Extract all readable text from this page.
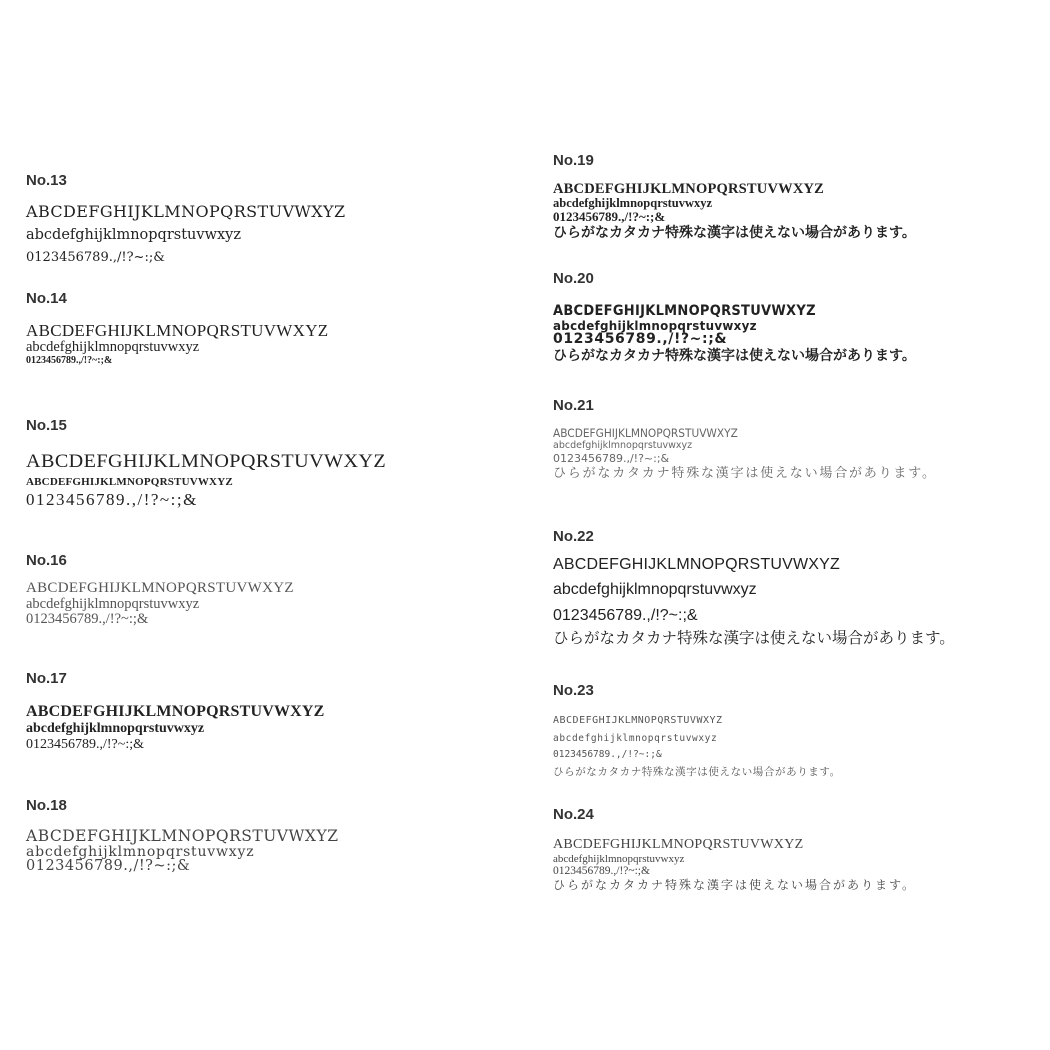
No.13
ABCDEFGHIJKLMNOPQRSTUVWXYZ
abcdefghijklmnopqrstuvwxyz
0123456789.,/!?~:;&
No.14
ABCDEFGHIJKLMNOPQRSTUVWXYZ
abcdefghijklmnopqrstuvwxyz
0123456789.,/!?~:;&
No.15
ABCDEFGHIJKLMNOPQRSTUVWXYZ
ABCDEFGHIJKLMNOPQRSTUVWXYZ
0123456789.,/!?~:;&
No.16
ABCDEFGHIJKLMNOPQRSTUVWXYZ
abcdefghijklmnopqrstuvwxyz
0123456789.,/!?~:;&
No.17
ABCDEFGHIJKLMNOPQRSTUVWXYZ
abcdefghijklmnopqrstuvwxyz
0123456789.,/!?~:;&
No.18
ABCDEFGHIJKLMNOPQRSTUVWXYZ
abcdefghijklmnopqrstuvwxyz
0123456789.,/!?~:;&
No.19
ABCDEFGHIJKLMNOPQRSTUVWXYZ
abcdefghijklmnopqrstuvwxyz
0123456789.,/!?~:;&
ひらがなカタカナ特殊な漢字は使えない場合があります。
No.20
ABCDEFGHIJKLMNOPQRSTUVWXYZ
abcdefghijklmnopqrstuvwxyz
0123456789.,/!?~:;&
ひらがなカタカナ特殊な漢字は使えない場合があります。
No.21
ABCDEFGHIJKLMNOPQRSTUVWXYZ
abcdefghijklmnopqrstuvwxyz
0123456789.,/!?~:;&
ひらがなカタカナ特殊な漢字は使えない場合があります。
No.22
ABCDEFGHIJKLMNOPQRSTUVWXYZ
abcdefghijklmnopqrstuvwxyz
0123456789.,/!?~:;&
ひらがなカタカナ特殊な漢字は使えない場合があります。
No.23
ABCDEFGHIJKLMNOPQRSTUVWXYZ
abcdefghijklmnopqrstuvwxyz
0123456789.,/!?~:;&
ひらがなカタカナ特殊な漢字は使えない場合があります。
No.24
ABCDEFGHIJKLMNOPQRSTUVWXYZ
abcdefghijklmnopqrstuvwxyz
0123456789.,/!?~:;&
ひらがなカタカナ特殊な漢字は使えない場合があります。
